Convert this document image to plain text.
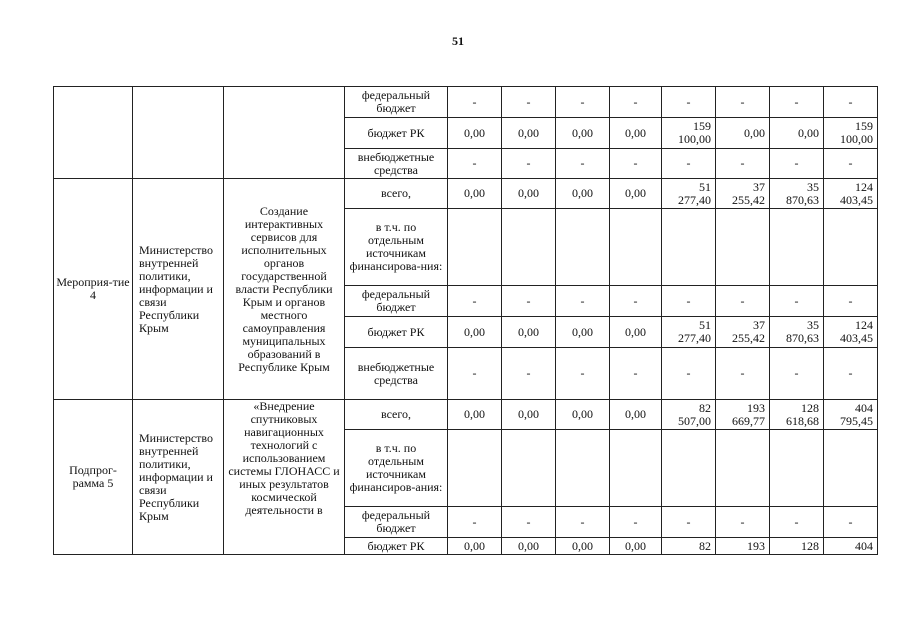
51
			федеральный бюджет	-	-	-	-	-	-	-	-
			бюджет РК	0,00	0,00	0,00	0,00	159 100,00	0,00	0,00	159 100,00
			внебюджетные средства	-	-	-	-	-	-	-	-
Мероприя-тие 4	Министерство внутренней политики, информации и связи Республики Крым	Создание интерактивных сервисов для исполнительных органов государственной власти Республики Крым и органов местного самоуправления муниципальных образований в Республике Крым	всего,	0,00	0,00	0,00	0,00	51 277,40	37 255,42	35 870,63	124 403,45
			в т.ч. по отдельным источникам финансирова-ния:								
			федеральный бюджет	-	-	-	-	-	-	-	-
			бюджет РК	0,00	0,00	0,00	0,00	51 277,40	37 255,42	35 870,63	124 403,45
			внебюджетные средства	-	-	-	-	-	-	-	-
Подпрог-рамма 5	Министерство внутренней политики, информации и связи Республики Крым	«Внедрение спутниковых навигационных технологий с использованием системы ГЛОНАСС и иных результатов космической деятельности в	всего,	0,00	0,00	0,00	0,00	82 507,00	193 669,77	128 618,68	404 795,45
			в т.ч. по отдельным источникам финансиров-ания:								
			федеральный бюджет	-	-	-	-	-	-	-	-
			бюджет РК	0,00	0,00	0,00	0,00	82	193	128	404
